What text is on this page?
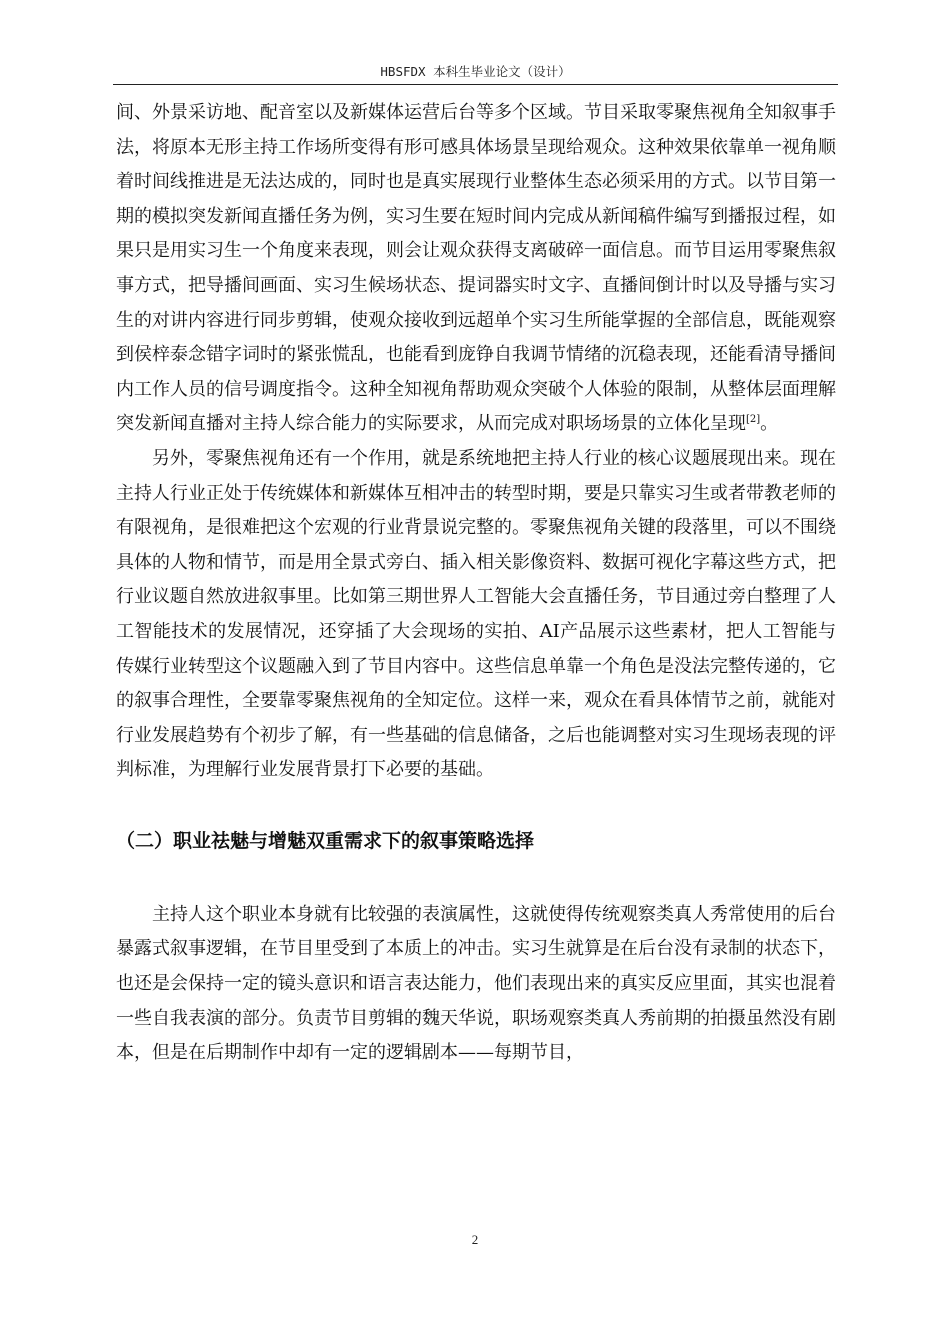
HBSFDX 本科生毕业论文（设计）

间、外景采访地、配音室以及新媒体运营后台等多个区域。节目采取零聚焦视角全知叙事手法，将原本无形主持工作场所变得有形可感具体场景呈现给观众。这种效果依靠单一视角顺着时间线推进是无法达成的，同时也是真实展现行业整体生态必须采用的方式。以节目第一期的模拟突发新闻直播任务为例，实习生要在短时间内完成从新闻稿件编写到播报过程，如果只是用实习生一个角度来表现，则会让观众获得支离破碎一面信息。而节目运用零聚焦叙事方式，把导播间画面、实习生候场状态、提词器实时文字、直播间倒计时以及导播与实习生的对讲内容进行同步剪辑，使观众接收到远超单个实习生所能掌握的全部信息，既能观察到侯梓泰念错字词时的紧张慌乱，也能看到庞铮自我调节情绪的沉稳表现，还能看清导播间内工作人员的信号调度指令。这种全知视角帮助观众突破个人体验的限制，从整体层面理解突发新闻直播对主持人综合能力的实际要求，从而完成对职场场景的立体化呈现[2]。

另外，零聚焦视角还有一个作用，就是系统地把主持人行业的核心议题展现出来。现在主持人行业正处于传统媒体和新媒体互相冲击的转型时期，要是只靠实习生或者带教老师的有限视角，是很难把这个宏观的行业背景说完整的。零聚焦视角关键的段落里，可以不围绕具体的人物和情节，而是用全景式旁白、插入相关影像资料、数据可视化字幕这些方式，把行业议题自然放进叙事里。比如第三期世界人工智能大会直播任务，节目通过旁白整理了人工智能技术的发展情况，还穿插了大会现场的实拍、AI产品展示这些素材，把人工智能与传媒行业转型这个议题融入到了节目内容中。这些信息单靠一个角色是没法完整传递的，它的叙事合理性，全要靠零聚焦视角的全知定位。这样一来，观众在看具体情节之前，就能对行业发展趋势有个初步了解，有一些基础的信息储备，之后也能调整对实习生现场表现的评判标准，为理解行业发展背景打下必要的基础。

（二）职业祛魅与增魅双重需求下的叙事策略选择

主持人这个职业本身就有比较强的表演属性，这就使得传统观察类真人秀常使用的后台暴露式叙事逻辑，在节目里受到了本质上的冲击。实习生就算是在后台没有录制的状态下，也还是会保持一定的镜头意识和语言表达能力，他们表现出来的真实反应里面，其实也混着一些自我表演的部分。负责节目剪辑的魏天华说，职场观察类真人秀前期的拍摄虽然没有剧本，但是在后期制作中却有一定的逻辑剧本——每期节目，

2
